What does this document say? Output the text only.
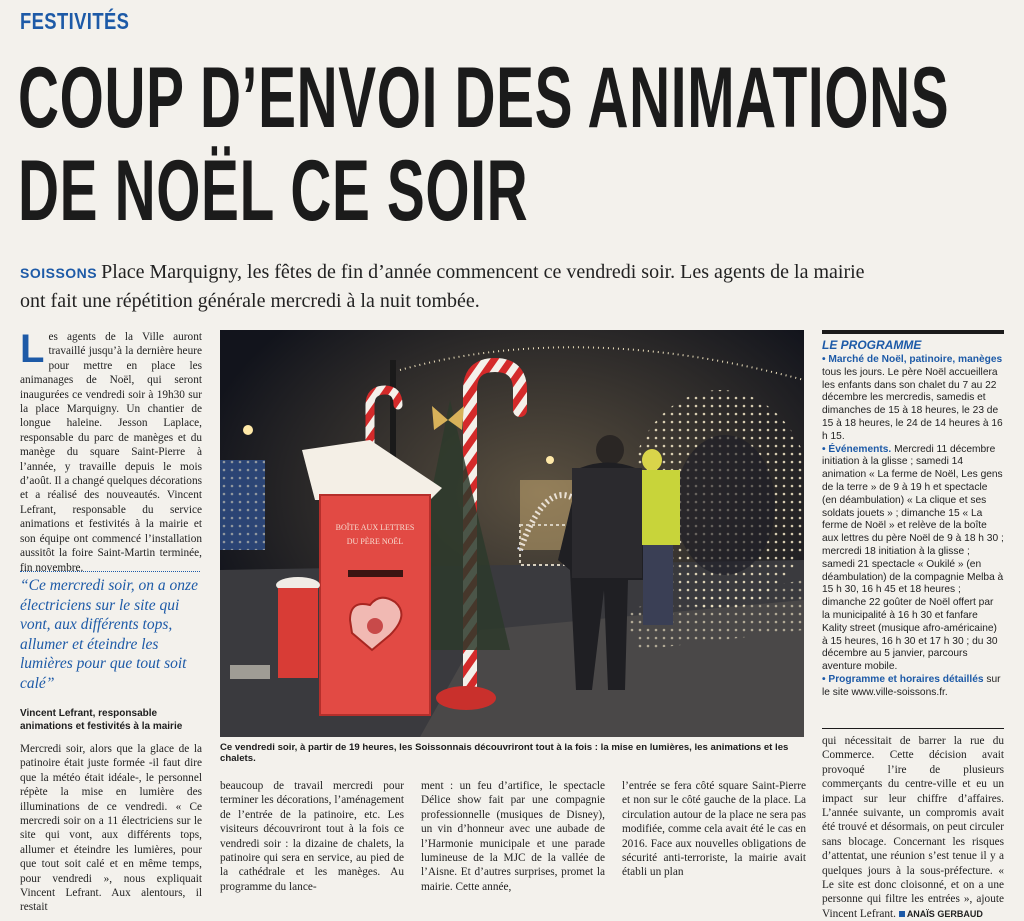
FESTIVITÉS
COUP D’ENVOI DES ANIMATIONS
DE NOËL CE SOIR
SOISSONS Place Marquigny, les fêtes de fin d’année commencent ce vendredi soir. Les agents de la mairie ont fait une répétition générale mercredi à la nuit tombée.
Les agents de la Ville auront travaillé jusqu’à la dernière heure pour mettre en place les animanages de Noël, qui seront inaugurées ce vendredi soir à 19h30 sur la place Marquigny. Un chantier de longue haleine. Jesson Laplace, responsable du parc de manèges et du manège du square Saint-Pierre à l’année, y travaille depuis le mois d’août. Il a changé quelques décorations et a réalisé des nouveautés. Vincent Lefrant, responsable du service animations et festivités à la mairie et son équipe ont commencé l’installation aussitôt la foire Saint-Martin terminée, fin novembre.
“Ce mercredi soir, on a onze électriciens sur le site qui vont, aux différents tops, allumer et éteindre les lumières pour que tout soit calé”
Vincent Lefrant, responsable animations et festivités à la mairie
Mercredi soir, alors que la glace de la patinoire était juste formée -il faut dire que la météo était idéale-, le personnel répète la mise en lumière des illuminations de ce vendredi. « Ce mercredi soir on a 11 électriciens sur le site qui vont, aux différents tops, allumer et éteindre les lumières, pour que tout soit calé et en même temps, pour vendredi », nous expliquait Vincent Lefrant. Aux alentours, il restait
BOÎTE AUX LETTRES
DU PÈRE NOËL
Ce vendredi soir, à partir de 19 heures, les Soissonnais découvriront tout à la fois : la mise en lumières, les animations et les chalets.
beaucoup de travail mercredi pour terminer les décorations, l’aménagement de l’entrée de la patinoire, etc. Les visiteurs découvriront tout à la fois ce vendredi soir : la dizaine de chalets, la patinoire qui sera en service, au pied de la cathédrale et les manèges. Au programme du lance-
ment : un feu d’artifice, le spectacle Délice show fait par une compagnie professionnelle (musiques de Disney), un vin d’honneur avec une aubade de l’Harmonie municipale et une parade lumineuse de la MJC de la vallée de l’Aisne. Et d’autres surprises, promet la mairie. Cette année,
l’entrée se fera côté square Saint-Pierre et non sur le côté gauche de la place. La circulation autour de la place ne sera pas modifiée, comme cela avait été le cas en 2016. Face aux nouvelles obligations de sécurité anti-terroriste, la mairie avait établi un plan
LE PROGRAMME
• Marché de Noël, patinoire, manèges tous les jours. Le père Noël accueillera les enfants dans son chalet du 7 au 22 décembre les mercredis, samedis et dimanches de 15 à 18 heures, le 23 de 15 à 18 heures, le 24 de 14 heures à 16 h 15.
• Événements. Mercredi 11 décembre initiation à la glisse ; samedi 14 animation « La ferme de Noël, Les gens de la terre » de 9 à 19 h et spectacle (en déambulation) « La clique et ses soldats jouets » ; dimanche 15 « La ferme de Noël » et relève de la boîte aux lettres du père Noël de 9 à 18 h 30 ; mercredi 18 initiation à la glisse ; samedi 21 spectacle « Oukilé » (en déambulation) de la compagnie Melba à 15 h 30, 16 h 45 et 18 heures ; dimanche 22 goûter de Noël offert par la municipalité à 16 h 30 et fanfare Kality street (musique afro-américaine) à 15 heures, 16 h 30 et 17 h 30 ; du 30 décembre au 5 janvier, parcours aventure mobile.
• Programme et horaires détaillés sur le site www.ville-soissons.fr.
qui nécessitait de barrer la rue du Commerce. Cette décision avait provoqué l’ire de plusieurs commerçants du centre-ville et eu un impact sur leur chiffre d’affaires. L’année suivante, un compromis avait été trouvé et désormais, on peut circuler sans blocage. Concernant les risques d’attentat, une réunion s’est tenue il y a quelques jours à la sous-préfecture. « Le site est donc cloisonné, et on a une personne qui filtre les entrées », ajoute Vincent Lefrant. ANAÏS GERBAUD
